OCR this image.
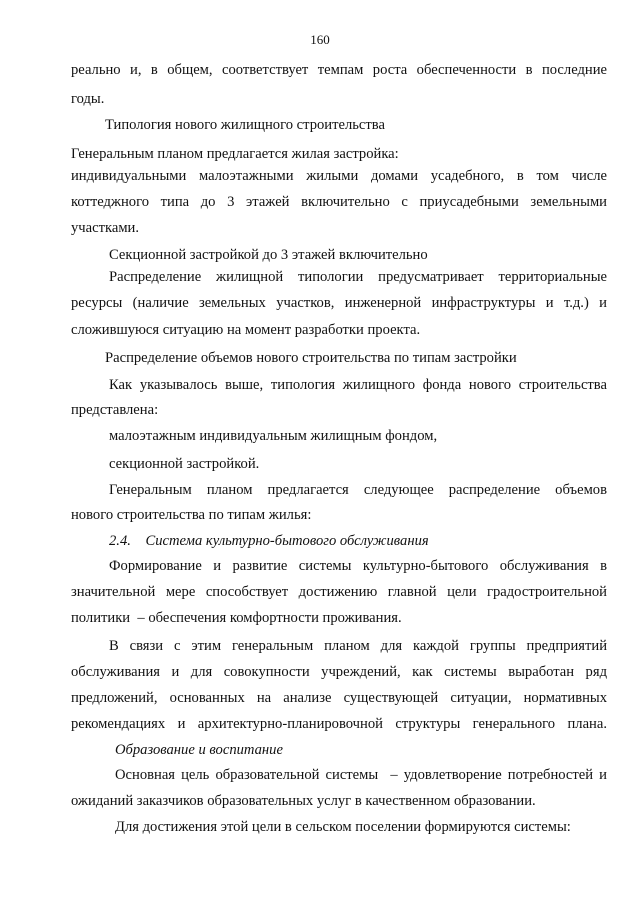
160
реально и, в общем, соответствует темпам роста обеспеченности в последние
годы.
Типология нового жилищного строительства
Генеральным планом предлагается жилая застройка:
индивидуальными малоэтажными жилыми домами усадебного, в том числе
коттеджного типа до 3 этажей включительно с приусадебными земельными
участками.
Секционной застройкой до 3 этажей включительно
Распределение жилищной типологии предусматривает территориальные
ресурсы (наличие земельных участков, инженерной инфраструктуры и т.д.) и
сложившуюся ситуацию на момент разработки проекта.
Распределение объемов нового строительства по типам застройки
Как указывалось выше, типология жилищного фонда нового строительства
представлена:
малоэтажным индивидуальным жилищным фондом,
секционной застройкой.
Генеральным планом предлагается следующее распределение объемов
нового строительства по типам жилья:
2.4.    Система культурно-бытового обслуживания
Формирование и развитие системы культурно-бытового обслуживания в
значительной мере способствует достижению главной цели градостроительной
политики  – обеспечения комфортности проживания.
В связи с этим генеральным планом для каждой группы предприятий
обслуживания и для совокупности учреждений, как системы выработан ряд
предложений, основанных на анализе существующей ситуации, нормативных
рекомендациях и архитектурно-планировочной структуры генерального плана.
Образование и воспитание
Основная цель образовательной системы  – удовлетворение потребностей и
ожиданий заказчиков образовательных услуг в качественном образовании.
Для достижения этой цели в сельском поселении формируются системы:
